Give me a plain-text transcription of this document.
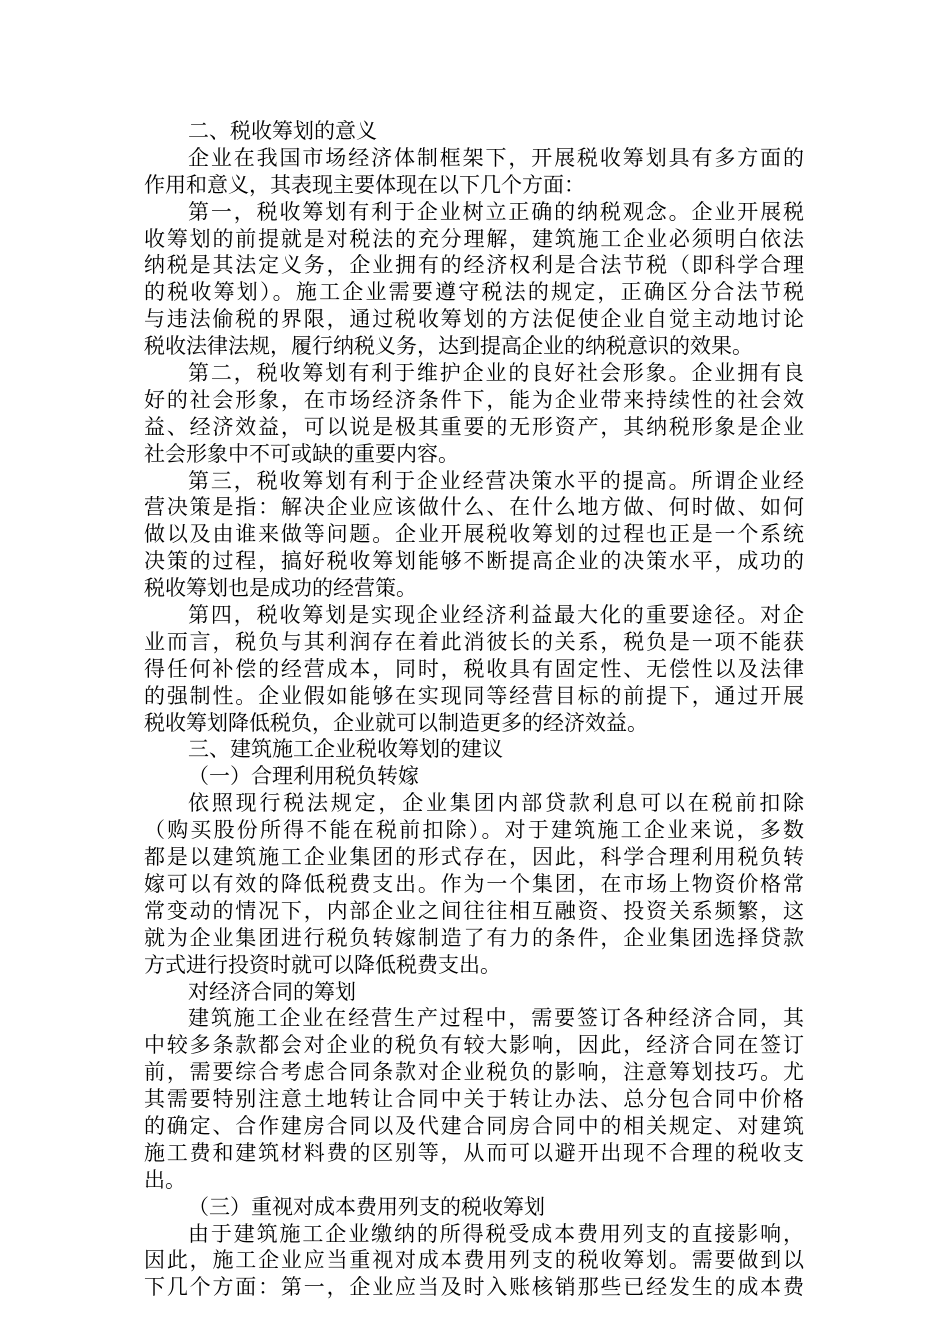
二、税收筹划的意义
企业在我国市场经济体制框架下，开展税收筹划具有多方面的
作用和意义，其表现主要体现在以下几个方面：
第一，税收筹划有利于企业树立正确的纳税观念。企业开展税
收筹划的前提就是对税法的充分理解，建筑施工企业必须明白依法
纳税是其法定义务，企业拥有的经济权利是合法节税（即科学合理
的税收筹划）。施工企业需要遵守税法的规定，正确区分合法节税
与违法偷税的界限，通过税收筹划的方法促使企业自觉主动地讨论
税收法律法规，履行纳税义务，达到提高企业的纳税意识的效果。
第二，税收筹划有利于维护企业的良好社会形象。企业拥有良
好的社会形象，在市场经济条件下，能为企业带来持续性的社会效
益、经济效益，可以说是极其重要的无形资产，其纳税形象是企业
社会形象中不可或缺的重要内容。
第三，税收筹划有利于企业经营决策水平的提高。所谓企业经
营决策是指：解决企业应该做什么、在什么地方做、何时做、如何
做以及由谁来做等问题。企业开展税收筹划的过程也正是一个系统
决策的过程，搞好税收筹划能够不断提高企业的决策水平，成功的
税收筹划也是成功的经营策。
第四，税收筹划是实现企业经济利益最大化的重要途径。对企
业而言，税负与其利润存在着此消彼长的关系，税负是一项不能获
得任何补偿的经营成本，同时，税收具有固定性、无偿性以及法律
的强制性。企业假如能够在实现同等经营目标的前提下，通过开展
税收筹划降低税负，企业就可以制造更多的经济效益。
三、建筑施工企业税收筹划的建议
（一）合理利用税负转嫁
依照现行税法规定，企业集团内部贷款利息可以在税前扣除
（购买股份所得不能在税前扣除）。对于建筑施工企业来说，多数
都是以建筑施工企业集团的形式存在，因此，科学合理利用税负转
嫁可以有效的降低税费支出。作为一个集团，在市场上物资价格常
常变动的情况下，内部企业之间往往相互融资、投资关系频繁，这
就为企业集团进行税负转嫁制造了有力的条件，企业集团选择贷款
方式进行投资时就可以降低税费支出。
对经济合同的筹划
建筑施工企业在经营生产过程中，需要签订各种经济合同，其
中较多条款都会对企业的税负有较大影响，因此，经济合同在签订
前，需要综合考虑合同条款对企业税负的影响，注意筹划技巧。尤
其需要特别注意土地转让合同中关于转让办法、总分包合同中价格
的确定、合作建房合同以及代建合同房合同中的相关规定、对建筑
施工费和建筑材料费的区别等，从而可以避开出现不合理的税收支
出。
（三）重视对成本费用列支的税收筹划
由于建筑施工企业缴纳的所得税受成本费用列支的直接影响，
因此，施工企业应当重视对成本费用列支的税收筹划。需要做到以
下几个方面：第一，企业应当及时入账核销那些已经发生的成本费
